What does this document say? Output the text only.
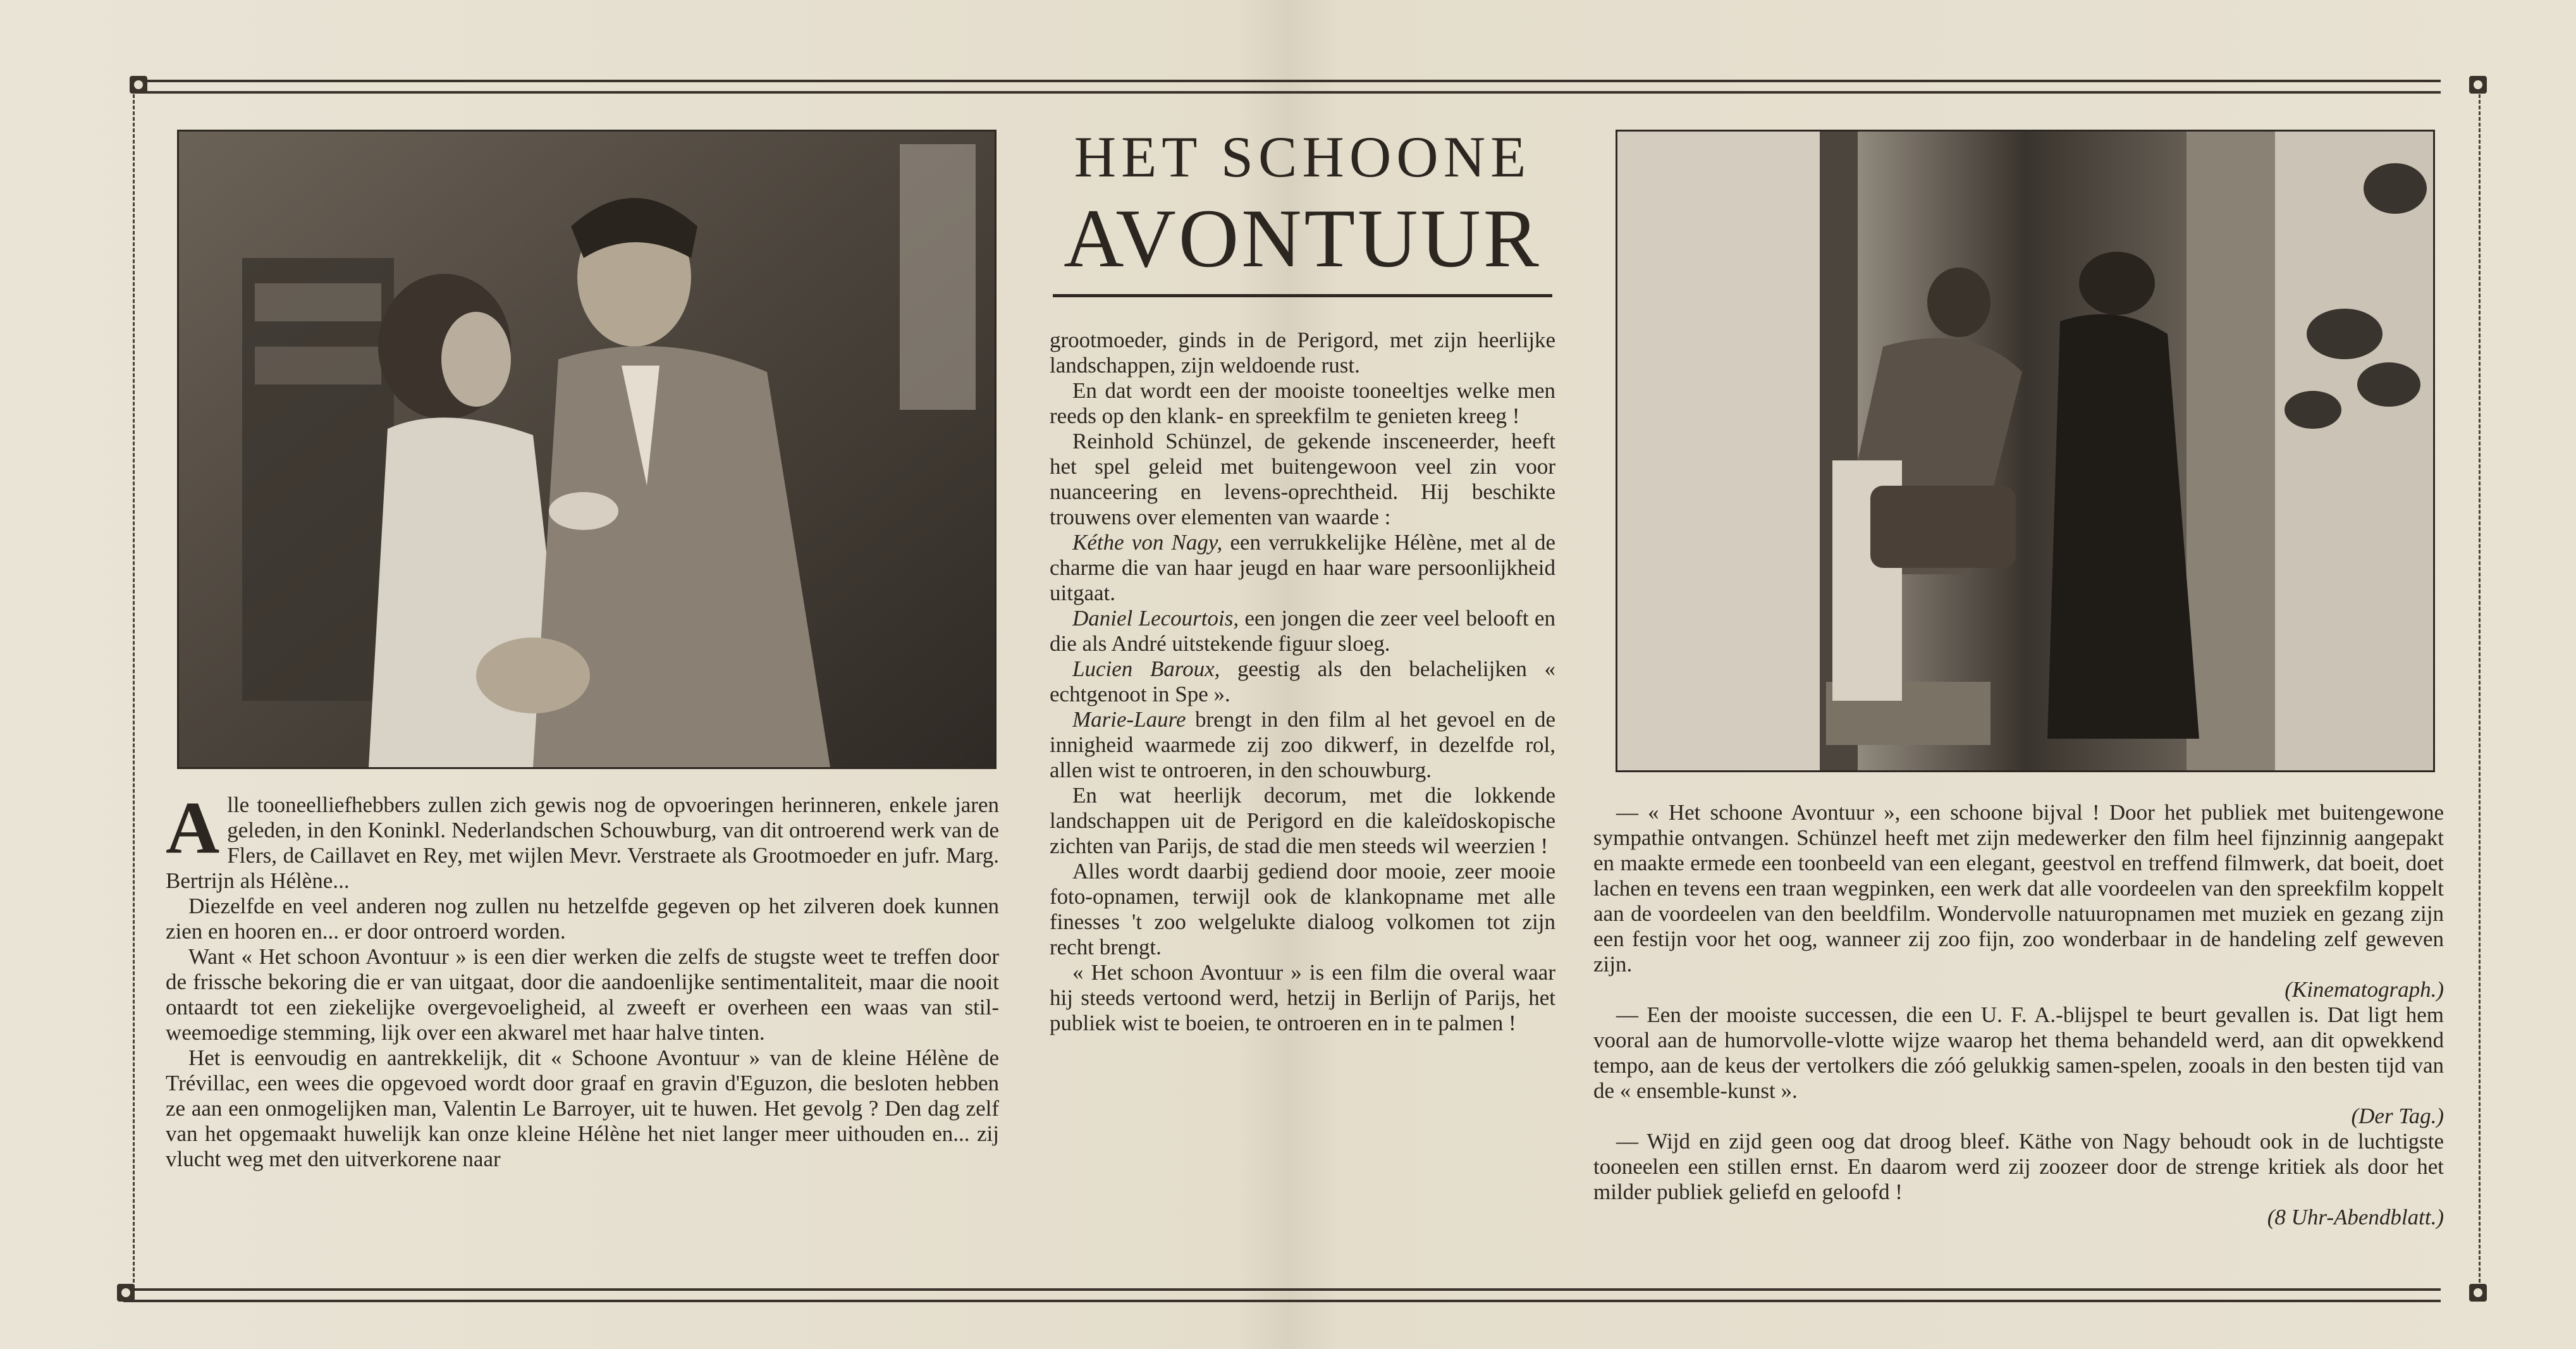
HET SCHOONE
AVONTUUR

Alle tooneelliefhebbers zullen zich gewis nog de opvoeringen herinneren, enkele jaren geleden, in den Koninkl. Nederlandschen Schouwburg, van dit ontroerend werk van de Flers, de Caillavet en Rey, met wijlen Mevr. Verstraete als Grootmoeder en jufr. Marg. Bertrijn als Hélène...

Diezelfde en veel anderen nog zullen nu hetzelfde gegeven op het zilveren doek kunnen zien en hooren en... er door ontroerd worden.

Want « Het schoon Avontuur » is een dier werken die zelfs de stugste weet te treffen door de frissche bekoring die er van uitgaat, door die aandoenlijke sentimentaliteit, maar die nooit ontaardt tot een ziekelijke overgevoeligheid, al zweeft er overheen een waas van stil-weemoedige stemming, lijk over een akwarel met haar halve tinten.

Het is eenvoudig en aantrekkelijk, dit « Schoone Avontuur » van de kleine Hélène de Trévillac, een wees die opgevoed wordt door graaf en gravin d'Eguzon, die besloten hebben ze aan een onmogelijken man, Valentin Le Barroyer, uit te huwen. Het gevolg ? Den dag zelf van het opgemaakt huwelijk kan onze kleine Hélène het niet langer meer uithouden en... zij vlucht weg met den uitverkorene naar

grootmoeder, ginds in de Perigord, met zijn heerlijke landschappen, zijn weldoende rust.

En dat wordt een der mooiste tooneeltjes welke men reeds op den klank- en spreekfilm te genieten kreeg !

Reinhold Schünzel, de gekende insceneerder, heeft het spel geleid met buitengewoon veel zin voor nuanceering en levens-oprechtheid. Hij beschikte trouwens over elementen van waarde :

Kéthe von Nagy, een verrukkelijke Hélène, met al de charme die van haar jeugd en haar ware persoonlijkheid uitgaat.

Daniel Lecourtois, een jongen die zeer veel belooft en die als André uitstekende figuur sloeg.

Lucien Baroux, geestig als den belachelijken « echtgenoot in Spe ».

Marie-Laure brengt in den film al het gevoel en de innigheid waarmede zij zoo dikwerf, in dezelfde rol, allen wist te ontroeren, in den schouwburg.

En wat heerlijk decorum, met die lokkende landschappen uit de Perigord en die kaleïdoskopische zichten van Parijs, de stad die men steeds wil weerzien !

Alles wordt daarbij gediend door mooie, zeer mooie foto-opnamen, terwijl ook de klankopname met alle finesses 't zoo welgelukte dialoog volkomen tot zijn recht brengt.

« Het schoon Avontuur » is een film die overal waar hij steeds vertoond werd, hetzij in Berlijn of Parijs, het publiek wist te boeien, te ontroeren en in te palmen !

— « Het schoone Avontuur », een schoone bijval ! Door het publiek met buitengewone sympathie ontvangen. Schünzel heeft met zijn medewerker den film heel fijnzinnig aangepakt en maakte ermede een toonbeeld van een elegant, geestvol en treffend filmwerk, dat boeit, doet lachen en tevens een traan wegpinken, een werk dat alle voordeelen van den spreekfilm koppelt aan de voordeelen van den beeldfilm. Wondervolle natuuropnamen met muziek en gezang zijn een festijn voor het oog, wanneer zij zoo fijn, zoo wonderbaar in de handeling zelf geweven zijn.
(Kinematograph.)

— Een der mooiste successen, die een U. F. A.-blijspel te beurt gevallen is. Dat ligt hem vooral aan de humorvolle-vlotte wijze waarop het thema behandeld werd, aan dit opwekkend tempo, aan de keus der vertolkers die zóó gelukkig samen-spelen, zooals in den besten tijd van de « ensemble-kunst ».
(Der Tag.)

— Wijd en zijd geen oog dat droog bleef. Käthe von Nagy behoudt ook in de luchtigste tooneelen een stillen ernst. En daarom werd zij zoozeer door de strenge kritiek als door het milder publiek geliefd en geloofd !
(8 Uhr-Abendblatt.)
